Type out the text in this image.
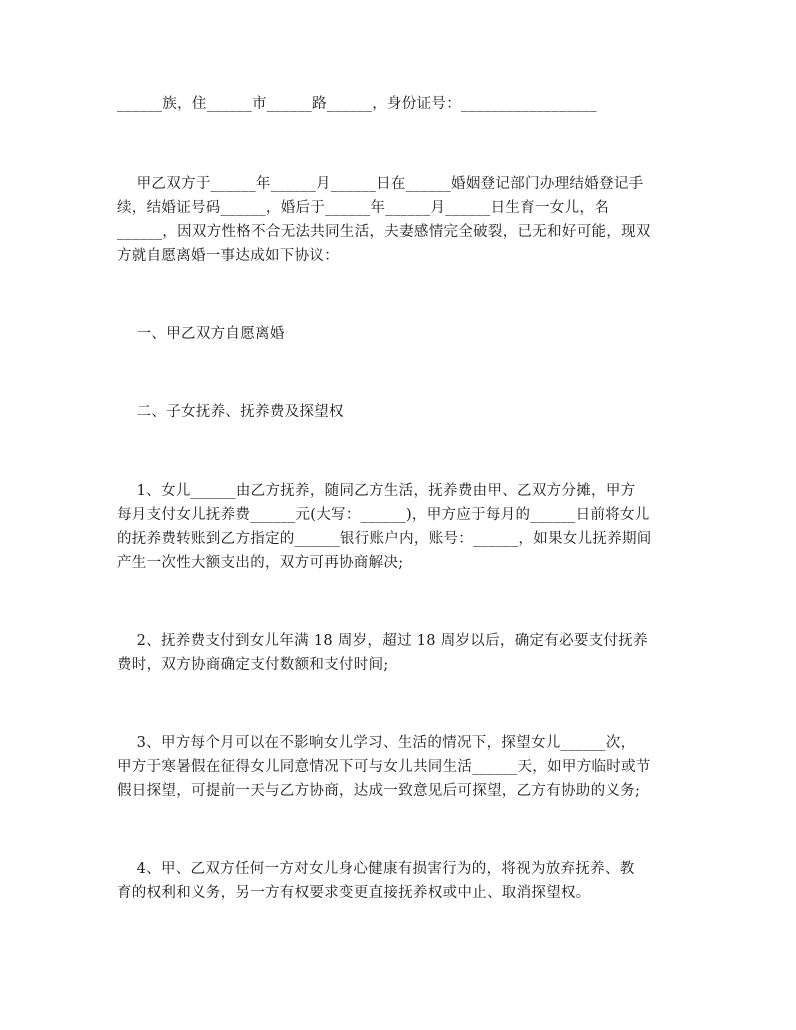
______族，住______市______路______，身份证号：__________________
甲乙双方于______年______月______日在______婚姻登记部门办理结婚登记手
续，结婚证号码______，婚后于______年______月______日生育一女儿，名
______，因双方性格不合无法共同生活，夫妻感情完全破裂，已无和好可能，现双
方就自愿离婚一事达成如下协议：
一、甲乙双方自愿离婚
二、子女抚养、抚养费及探望权
1、女儿______由乙方抚养，随同乙方生活，抚养费由甲、乙双方分摊，甲方
每月支付女儿抚养费______元(大写：______)，甲方应于每月的______日前将女儿
的抚养费转账到乙方指定的______银行账户内，账号：______，如果女儿抚养期间
产生一次性大额支出的，双方可再协商解决;
2、抚养费支付到女儿年满 18 周岁，超过 18 周岁以后，确定有必要支付抚养
费时，双方协商确定支付数额和支付时间;
3、甲方每个月可以在不影响女儿学习、生活的情况下，探望女儿______次，
甲方于寒暑假在征得女儿同意情况下可与女儿共同生活______天，如甲方临时或节
假日探望，可提前一天与乙方协商，达成一致意见后可探望，乙方有协助的义务;
4、甲、乙双方任何一方对女儿身心健康有损害行为的，将视为放弃抚养、教
育的权利和义务，另一方有权要求变更直接抚养权或中止、取消探望权。
